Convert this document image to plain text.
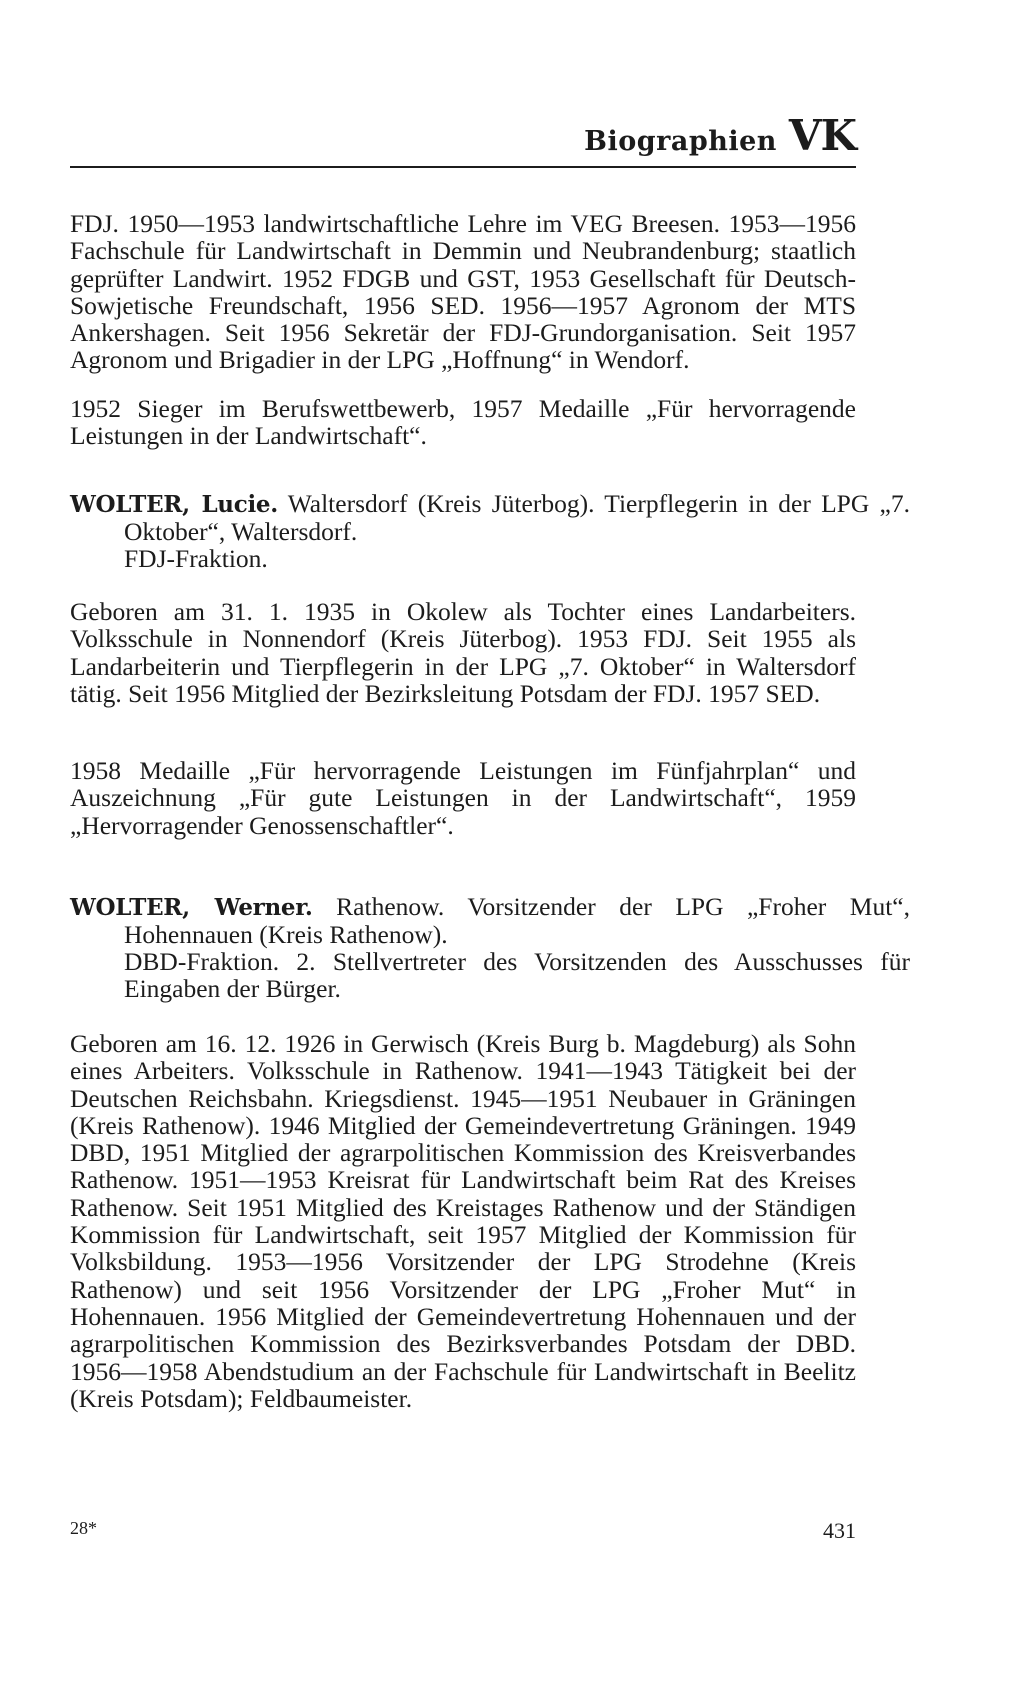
Biographien VK

FDJ. 1950—1953 landwirtschaftliche Lehre im VEG Breesen. 1953—1956 Fachschule für Landwirtschaft in Demmin und Neubrandenburg; staatlich geprüfter Landwirt. 1952 FDGB und GST, 1953 Gesellschaft für Deutsch-Sowjetische Freundschaft, 1956 SED. 1956—1957 Agronom der MTS Ankershagen. Seit 1956 Sekretär der FDJ-Grundorganisation. Seit 1957 Agronom und Brigadier in der LPG „Hoffnung“ in Wendorf.

1952 Sieger im Berufswettbewerb, 1957 Medaille „Für hervorragende Leistungen in der Landwirtschaft“.

WOLTER, Lucie. Waltersdorf (Kreis Jüterbog). Tierpflegerin in der LPG „7. Oktober“, Waltersdorf.

FDJ-Fraktion.

Geboren am 31. 1. 1935 in Okolew als Tochter eines Landarbeiters. Volksschule in Nonnendorf (Kreis Jüterbog). 1953 FDJ. Seit 1955 als Landarbeiterin und Tierpflegerin in der LPG „7. Oktober“ in Waltersdorf tätig. Seit 1956 Mitglied der Bezirksleitung Potsdam der FDJ. 1957 SED.

1958 Medaille „Für hervorragende Leistungen im Fünfjahrplan“ und Auszeichnung „Für gute Leistungen in der Landwirtschaft“, 1959 „Hervorragender Genossenschaftler“.

WOLTER, Werner. Rathenow. Vorsitzender der LPG „Froher Mut“, Hohennauen (Kreis Rathenow).

DBD-Fraktion. 2. Stellvertreter des Vorsitzenden des Ausschusses für Eingaben der Bürger.

Geboren am 16. 12. 1926 in Gerwisch (Kreis Burg b. Magdeburg) als Sohn eines Arbeiters. Volksschule in Rathenow. 1941—1943 Tätigkeit bei der Deutschen Reichsbahn. Kriegsdienst. 1945—1951 Neubauer in Gräningen (Kreis Rathenow). 1946 Mitglied der Gemeindevertretung Gräningen. 1949 DBD, 1951 Mitglied der agrarpolitischen Kommission des Kreisverbandes Rathenow. 1951—1953 Kreisrat für Landwirtschaft beim Rat des Kreises Rathenow. Seit 1951 Mitglied des Kreistages Rathenow und der Ständigen Kommission für Landwirtschaft, seit 1957 Mitglied der Kommission für Volksbildung. 1953—1956 Vorsitzender der LPG Strodehne (Kreis Rathenow) und seit 1956 Vorsitzender der LPG „Froher Mut“ in Hohennauen. 1956 Mitglied der Gemeindevertretung Hohennauen und der agrarpolitischen Kommission des Bezirksverbandes Potsdam der DBD. 1956—1958 Abendstudium an der Fachschule für Landwirtschaft in Beelitz (Kreis Potsdam); Feldbaumeister.

28*	431
